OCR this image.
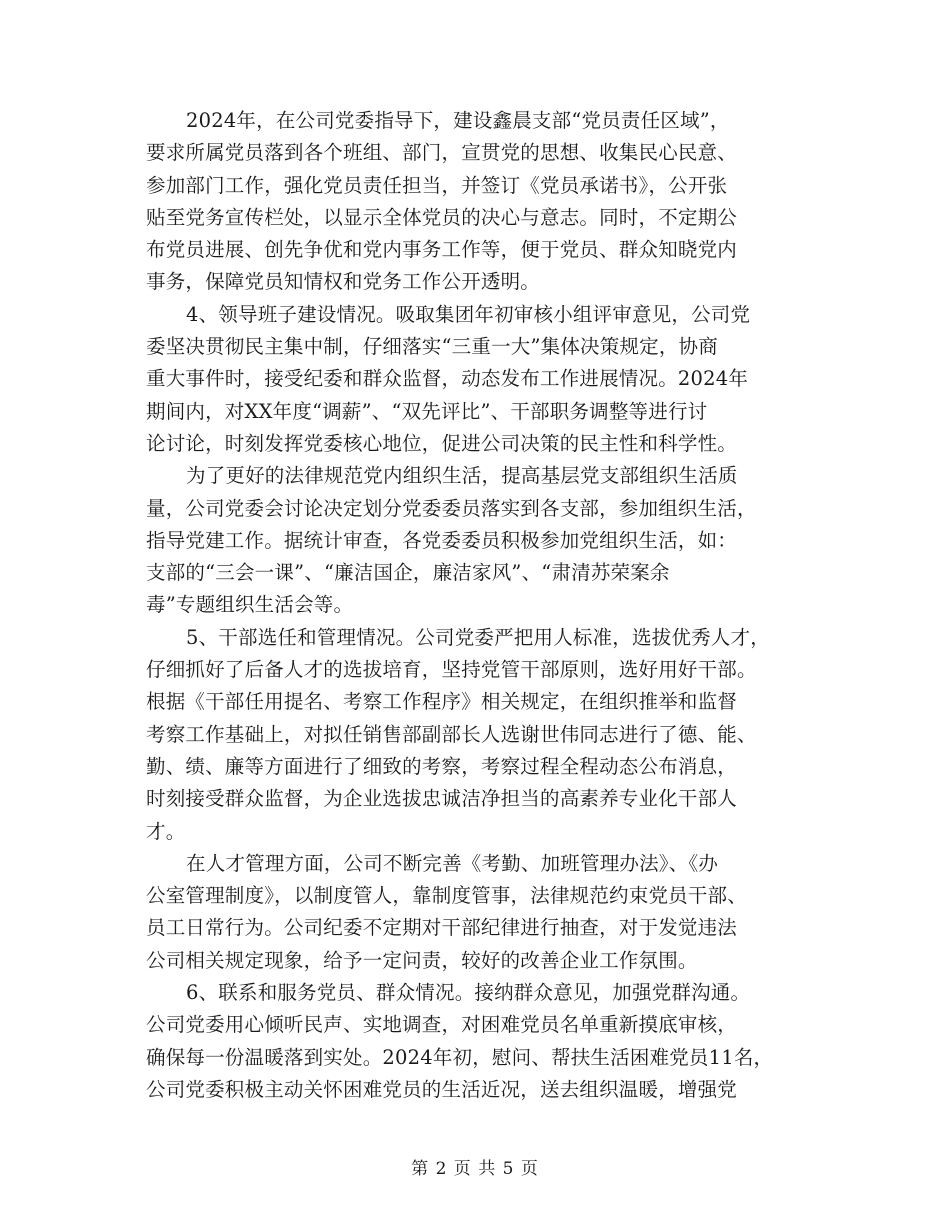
2024年，在公司党委指导下，建设鑫晨支部“党员责任区域”，
要求所属党员落到各个班组、部门，宣贯党的思想、收集民心民意、
参加部门工作，强化党员责任担当，并签订《党员承诺书》，公开张
贴至党务宣传栏处，以显示全体党员的决心与意志。同时，不定期公
布党员进展、创先争优和党内事务工作等，便于党员、群众知晓党内
事务，保障党员知情权和党务工作公开透明。
4、领导班子建设情况。吸取集团年初审核小组评审意见，公司党
委坚决贯彻民主集中制，仔细落实“三重一大”集体决策规定，协商
重大事件时，接受纪委和群众监督，动态发布工作进展情况。2024年
期间内，对XX年度“调薪”、“双先评比”、干部职务调整等进行讨
论讨论，时刻发挥党委核心地位，促进公司决策的民主性和科学性。
为了更好的法律规范党内组织生活，提高基层党支部组织生活质
量，公司党委会讨论决定划分党委委员落实到各支部，参加组织生活，
指导党建工作。据统计审查，各党委委员积极参加党组织生活，如：
支部的“三会一课”、“廉洁国企，廉洁家风”、“肃清苏荣案余
毒”专题组织生活会等。
5、干部选任和管理情况。公司党委严把用人标准，选拔优秀人才，
仔细抓好了后备人才的选拔培育，坚持党管干部原则，选好用好干部。
根据《干部任用提名、考察工作程序》相关规定，在组织推举和监督
考察工作基础上，对拟任销售部副部长人选谢世伟同志进行了德、能、
勤、绩、廉等方面进行了细致的考察，考察过程全程动态公布消息，
时刻接受群众监督，为企业选拔忠诚洁净担当的高素养专业化干部人
才。
在人才管理方面，公司不断完善《考勤、加班管理办法》、《办
公室管理制度》，以制度管人，靠制度管事，法律规范约束党员干部、
员工日常行为。公司纪委不定期对干部纪律进行抽查，对于发觉违法
公司相关规定现象，给予一定问责，较好的改善企业工作氛围。
6、联系和服务党员、群众情况。接纳群众意见，加强党群沟通。
公司党委用心倾听民声、实地调查，对困难党员名单重新摸底审核，
确保每一份温暖落到实处。2024年初，慰问、帮扶生活困难党员11名，
公司党委积极主动关怀困难党员的生活近况，送去组织温暖，增强党
第 2 页 共 5 页
